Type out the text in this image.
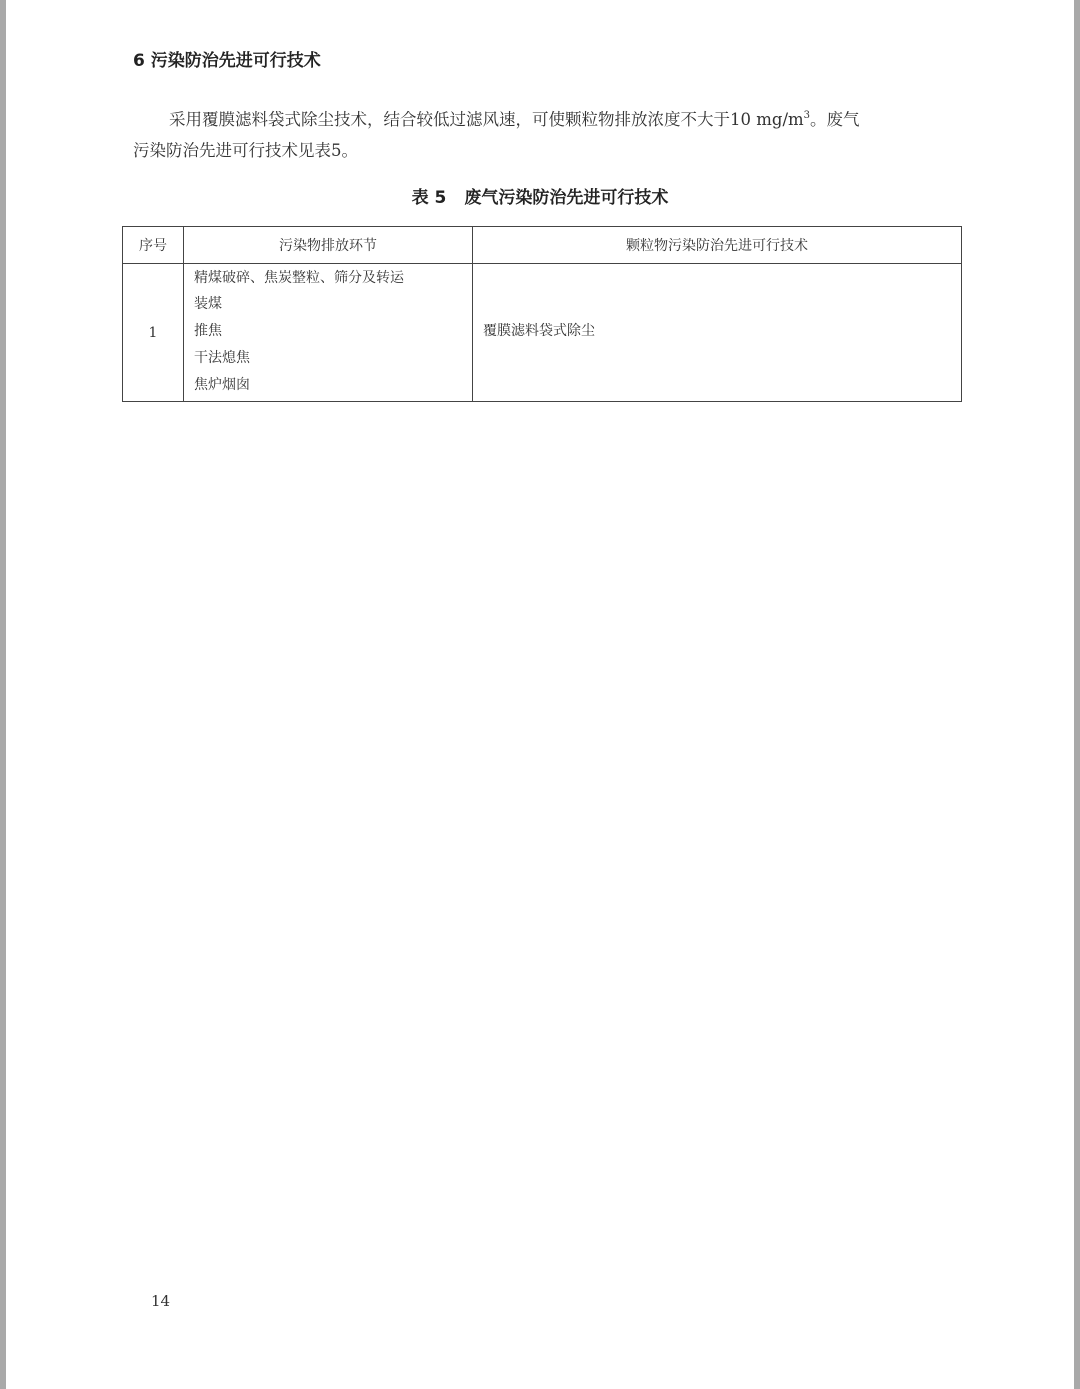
6 污染防治先进可行技术
采用覆膜滤料袋式除尘技术，结合较低过滤风速，可使颗粒物排放浓度不大于10 $mg/m^3$。废气
污染防治先进可行技术见表5。
表 5 废气污染防治先进可行技术
序号	污染物排放环节	颗粒物污染防治先进可行技术
1	精煤破碎、焦炭整粒、筛分及转运
装煤
推焦
干法熄焦
焦炉烟囱	覆膜滤料袋式除尘
14
